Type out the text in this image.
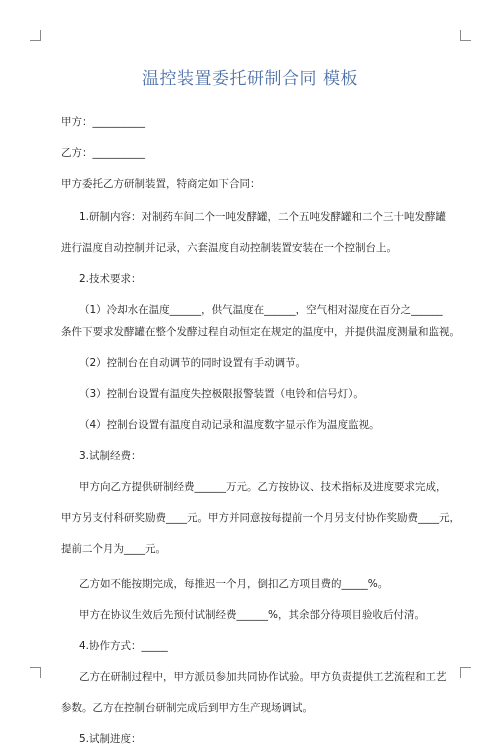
温控装置委托研制合同 模板

甲方：__________

乙方：__________

甲方委托乙方研制装置，特商定如下合同：

1.研制内容：对制药车间二个一吨发酵罐，二个五吨发酵罐和二个三十吨发酵罐

进行温度自动控制并记录，六套温度自动控制装置安装在一个控制台上。

2.技术要求：

（1）冷却水在温度______，供气温度在______，空气相对湿度在百分之______

条件下要求发酵罐在整个发酵过程自动恒定在规定的温度中，并提供温度测量和监视。

（2）控制台在自动调节的同时设置有手动调节。

（3）控制台设置有温度失控极限报警装置（电铃和信号灯）。

（4）控制台设置有温度自动记录和温度数字显示作为温度监视。

3.试制经费：

甲方向乙方提供研制经费______万元。乙方按协议、技术指标及进度要求完成，

甲方另支付科研奖励费____元。甲方并同意按每提前一个月另支付协作奖励费____元，

提前二个月为____元。

乙方如不能按期完成，每推迟一个月，倒扣乙方项目费的_____%。

甲方在协议生效后先预付试制经费______%，其余部分待项目验收后付清。

4.协作方式：_____

乙方在研制过程中，甲方派员参加共同协作试验。甲方负责提供工艺流程和工艺

参数。乙方在控制台研制完成后到甲方生产现场调试。

5.试制进度：
